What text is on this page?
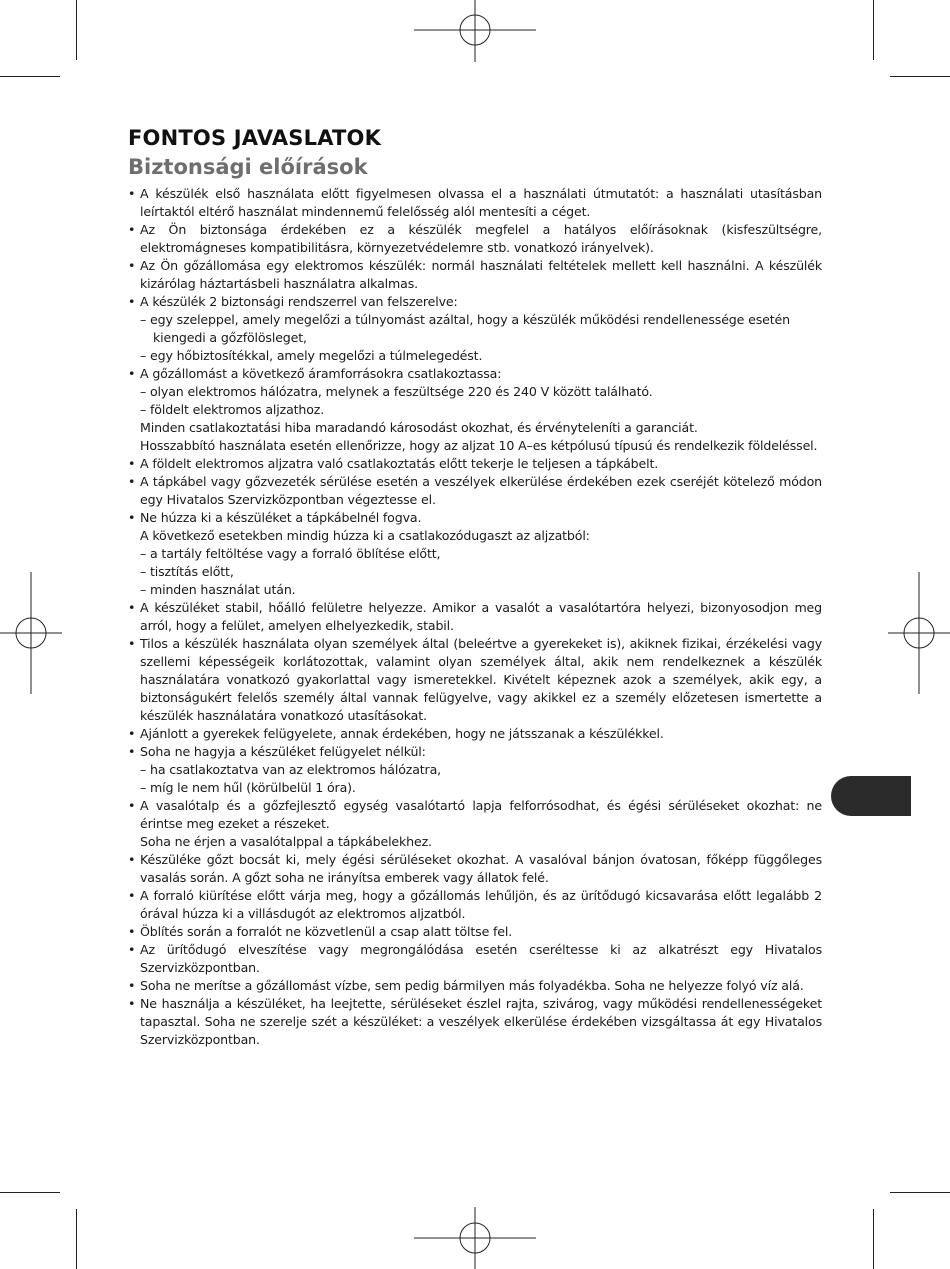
FONTOS JAVASLATOK
Biztonsági előírások
• A készülék első használata előtt figyelmesen olvassa el a használati útmutatót: a használati utasításban leírtaktól eltérő használat mindennemű felelősség alól mentesíti a céget.
• Az Ön biztonsága érdekében ez a készülék megfelel a hatályos előírásoknak (kisfeszültségre, elektromágneses kompatibilitásra, környezetvédelemre stb. vonatkozó irányelvek).
• Az Ön gőzállomása egy elektromos készülék: normál használati feltételek mellett kell használni. A készülék kizárólag háztartásbeli használatra alkalmas.
• A készülék 2 biztonsági rendszerrel van felszerelve:
– egy szeleppel, amely megelőzi a túlnyomást azáltal, hogy a készülék működési rendellenessége esetén kiengedi a gőzfölösleget,
– egy hőbiztosítékkal, amely megelőzi a túlmelegedést.
• A gőzállomást a következő áramforrásokra csatlakoztassa:
– olyan elektromos hálózatra, melynek a feszültsége 220 és 240 V között található.
– földelt elektromos aljzathoz.
Minden csatlakoztatási hiba maradandó károsodást okozhat, és érvényteleníti a garanciát.
Hosszabbító használata esetén ellenőrizze, hogy az aljzat 10 A–es kétpólusú típusú és rendelkezik földeléssel.
• A földelt elektromos aljzatra való csatlakoztatás előtt tekerje le teljesen a tápkábelt.
• A tápkábel vagy gőzvezeték sérülése esetén a veszélyek elkerülése érdekében ezek cseréjét kötelező módon egy Hivatalos Szervizközpontban végeztesse el.
• Ne húzza ki a készüléket a tápkábelnél fogva.
A következő esetekben mindig húzza ki a csatlakozódugaszt az aljzatból:
– a tartály feltöltése vagy a forraló öblítése előtt,
– tisztítás előtt,
– minden használat után.
• A készüléket stabil, hőálló felületre helyezze. Amikor a vasalót a vasalótartóra helyezi, bizonyosodjon meg arról, hogy a felület, amelyen elhelyezkedik, stabil.
• Tilos a készülék használata olyan személyek által (beleértve a gyerekeket is), akiknek fizikai, érzékelési vagy szellemi képességeik korlátozottak, valamint olyan személyek által, akik nem rendelkeznek a készülék használatára vonatkozó gyakorlattal vagy ismeretekkel. Kivételt képeznek azok a személyek, akik egy, a biztonságukért felelős személy által vannak felügyelve, vagy akikkel ez a személy előzetesen ismertette a készülék használatára vonatkozó utasításokat.
• Ajánlott a gyerekek felügyelete, annak érdekében, hogy ne játsszanak a készülékkel.
• Soha ne hagyja a készüléket felügyelet nélkül:
– ha csatlakoztatva van az elektromos hálózatra,
– míg le nem hűl (körülbelül 1 óra).
• A vasalótalp és a gőzfejlesztő egység vasalótartó lapja felforrósodhat, és égési sérüléseket okozhat: ne érintse meg ezeket a részeket.
Soha ne érjen a vasalótalppal a tápkábelekhez.
• Készüléke gőzt bocsát ki, mely égési sérüléseket okozhat. A vasalóval bánjon óvatosan, főképp függőleges vasalás során. A gőzt soha ne irányítsa emberek vagy állatok felé.
• A forraló kiürítése előtt várja meg, hogy a gőzállomás lehűljön, és az ürítődugó kicsavarása előtt legalább 2 órával húzza ki a villásdugót az elektromos aljzatból.
• Öblítés során a forralót ne közvetlenül a csap alatt töltse fel.
• Az ürítődugó elveszítése vagy megrongálódása esetén cseréltesse ki az alkatrészt egy Hivatalos Szervizközpontban.
• Soha ne merítse a gőzállomást vízbe, sem pedig bármilyen más folyadékba. Soha ne helyezze folyó víz alá.
• Ne használja a készüléket, ha leejtette, sérüléseket észlel rajta, szivárog, vagy működési rendellenességeket tapasztal. Soha ne szerelje szét a készüléket: a veszélyek elkerülése érdekében vizsgáltassa át egy Hivatalos Szervizközpontban.
